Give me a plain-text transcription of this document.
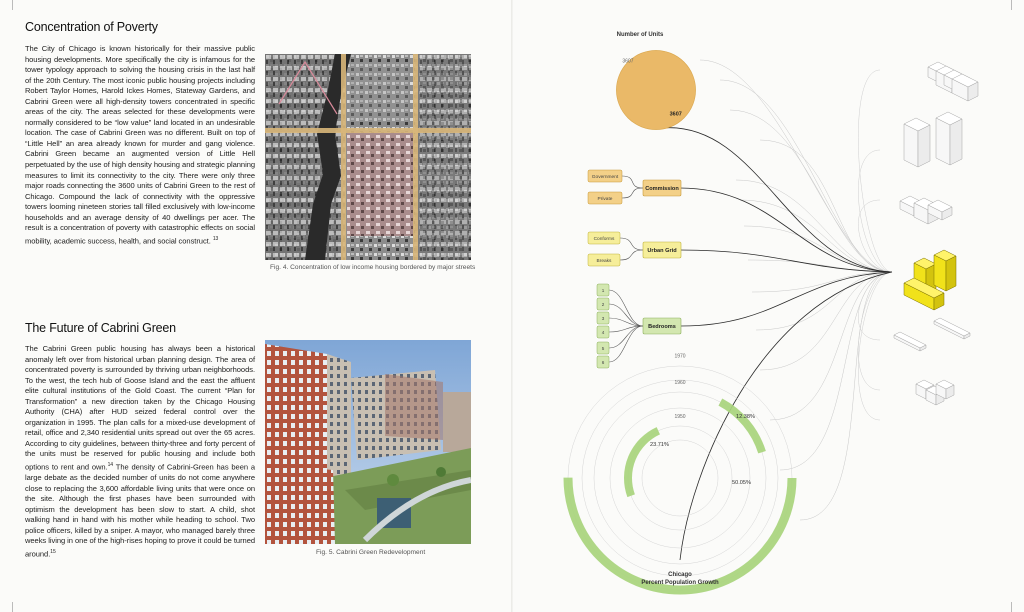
Concentration of Poverty

The City of Chicago is known historically for their massive public housing developments. More specifically the city is infamous for the tower typology approach to solving the housing crisis in the last half of the 20th Century. The most iconic public housing projects including Robert Taylor Homes, Harold Ickes Homes, Stateway Gardens, and Cabrini Green were all high-density towers concentrated in specific areas of the city. The areas selected for these developments were normally considered to be “low value” land located in an undesirable location. The case of Cabrini Green was no different. Built on top of “Little Hell” an area already known for murder and gang violence. Cabrini Green became an augmented version of Little Hell perpetuated by the use of high density housing and strategic planning measures to limit its connectivity to the city. There were only three major roads connecting the 3600 units of Cabrini Green to the rest of Chicago. Compound the lack of connectivity with the oppressive towers looming nineteen stories tall filled exclusively with low-income households and an average density of 40 dwellings per acer. The result is a concentration of poverty with catastrophic effects on social mobility, academic success, health, and social construct. $^{13}$

Fig. 4. Concentration of low income housing bordered by major streets

The Future of Cabrini Green

The Cabrini Green public housing has always been a historical anomaly left over from historical urban planning design. The area of concentrated poverty is surrounded by thriving urban neighborhoods. To the west, the tech hub of Goose Island and the east the affluent elite cultural institutions of the Gold Coast. The current “Plan for Transformation” a new direction taken by the Chicago Housing Authority (CHA) after HUD seized federal control over the organization in 1995. The plan calls for a mixed-use development of retail, office and 2,340 residential units spread out over the 65 acres. According to city guidelines, between thirty-three and forty percent of the units must be reserved for public housing and include both options to rent and own.$^{14}$ The density of Cabrini-Green has been a large debate as the decided number of units do not come anywhere close to replacing the 3,600 affordable living units that were once on the site. Although the first phases have been surrounded with optimism the development has been slow to start. A child, shot walking hand in hand with his mother while heading to school. Two police officers, killed by a sniper. A mayor, who managed barely three weeks living in one of the high-rises hoping to prove it could be turned around.$^{15}$	Fig. 5. Cabrini Green Redevelopment

Number of Units
3607
3607
Government
Private
Commission
Conforms
Breaks
Urban Grid
1
2
3
4
5
6
Bedrooms
1970
50.05%
1960
12.38%
1950
23.71%
Chicago
Percent Population Growth
